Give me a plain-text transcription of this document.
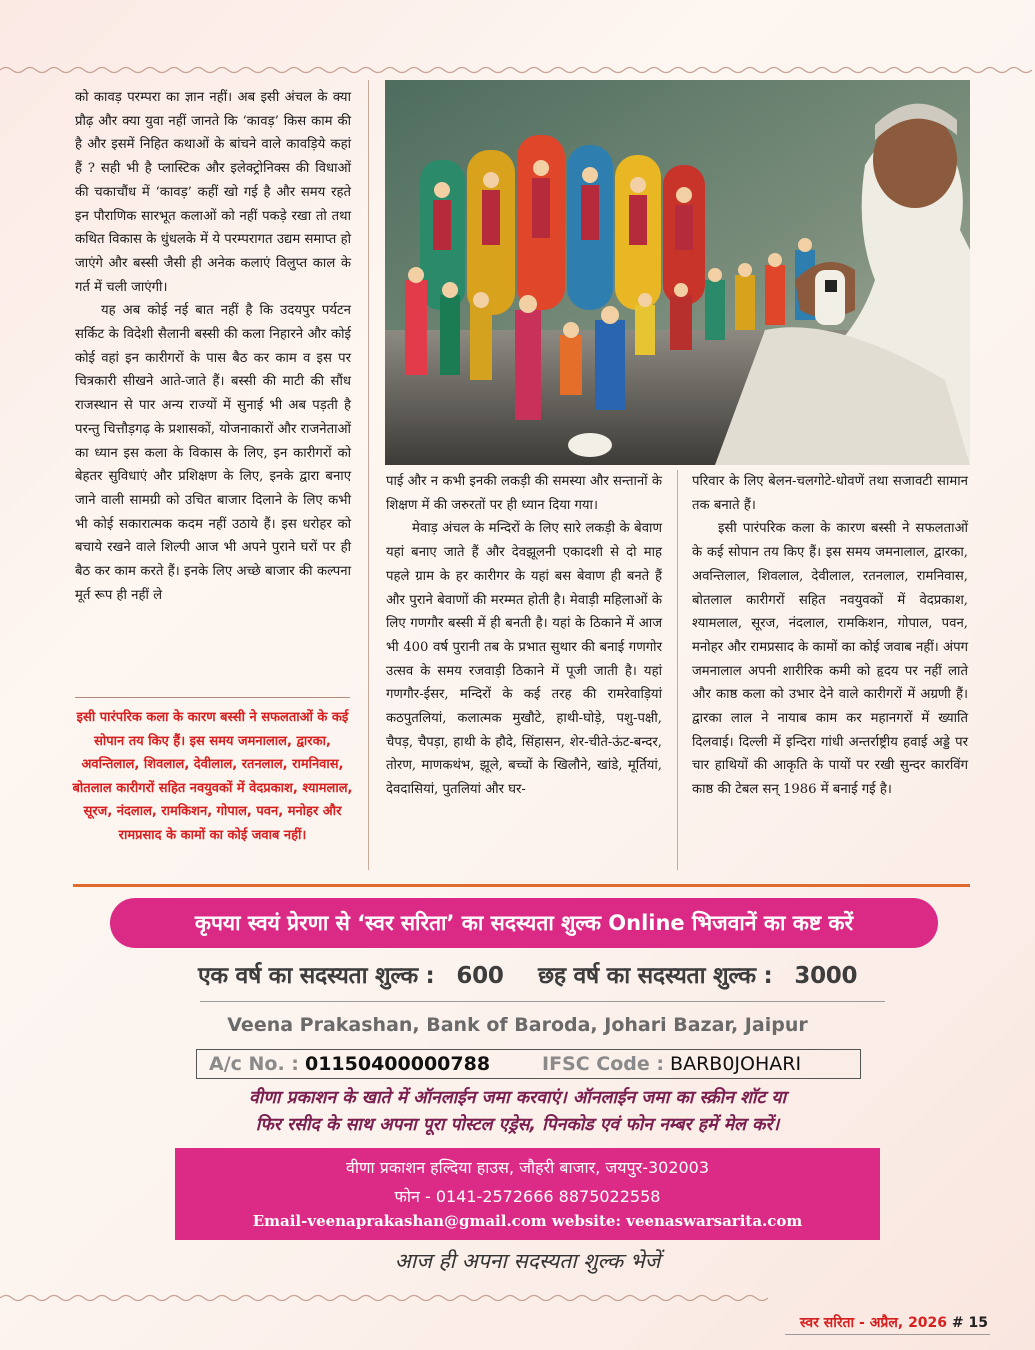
को कावड़ परम्परा का ज्ञान नहीं। अब इसी अंचल के क्या प्रौढ़ और क्या युवा नहीं जानते कि ‘कावड़’ किस काम की है और इसमें निहित कथाओं के बांचने वाले कावड़िये कहां हैं ? सही भी है प्लास्टिक और इलेक्ट्रोनिक्स की विधाओं की चकाचौंध में ‘कावड़’ कहीं खो गई है और समय रहते इन पौराणिक सारभूत कलाओं को नहीं पकड़े रखा तो तथा कथित विकास के धुंधलके में ये परम्परागत उद्यम समाप्त हो जाएंगे और बस्सी जैसी ही अनेक कलाएं विलुप्त काल के गर्त में चली जाएंगी।

यह अब कोई नई बात नहीं है कि उदयपुर पर्यटन सर्किट के विदेशी सैलानी बस्सी की कला निहारने और कोई कोई वहां इन कारीगरों के पास बैठ कर काम व इस पर चित्रकारी सीखने आते-जाते हैं। बस्सी की माटी की सौंध राजस्थान से पार अन्य राज्यों में सुनाई भी अब पड़ती है परन्तु चित्तौड़गढ़ के प्रशासकों, योजनाकारों और राजनेताओं का ध्यान इस कला के विकास के लिए, इन कारीगरों को बेहतर सुविधाएं और प्रशिक्षण के लिए, इनके द्वारा बनाए जाने वाली सामग्री को उचित बाजार दिलाने के लिए कभी भी कोई सकारात्मक कदम नहीं उठाये हैं। इस धरोहर को बचाये रखने वाले शिल्पी आज भी अपने पुराने घरों पर ही बैठ कर काम करते हैं। इनके लिए अच्छे बाजार की कल्पना मूर्त रूप ही नहीं ले

इसी पारंपरिक कला के कारण बस्सी ने सफलताओं के कई सोपान तय किए हैं। इस समय जमनालाल, द्वारका, अवन्तिलाल, शिवलाल, देवीलाल, रतनलाल, रामनिवास, बोतलाल कारीगरों सहित नवयुवकों में वेदप्रकाश, श्यामलाल, सूरज, नंदलाल, रामकिशन, गोपाल, पवन, मनोहर और रामप्रसाद के कामों का कोई जवाब नहीं।

पाई और न कभी इनकी लकड़ी की समस्या और सन्तानों के शिक्षण में की जरुरतों पर ही ध्यान दिया गया।

मेवाड़ अंचल के मन्दिरों के लिए सारे लकड़ी के बेवाण यहां बनाए जाते हैं और देवझूलनी एकादशी से दो माह पहले ग्राम के हर कारीगर के यहां बस बेवाण ही बनते हैं और पुराने बेवाणों की मरम्मत होती है। मेवाड़ी महिलाओं के लिए गणगौर बस्सी में ही बनती है। यहां के ठिकाने में आज भी 400 वर्ष पुरानी तब के प्रभात सुथार की बनाई गणगोर उत्सव के समय रजवाड़ी ठिकाने में पूजी जाती है। यहां गणगौर-ईसर, मन्दिरों के कई तरह की रामरेवाड़ियां कठपुतलियां, कलात्मक मुखौटे, हाथी-घोड़े, पशु-पक्षी, चैपड़, चैपड़ा, हाथी के हौदे, सिंहासन, शेर-चीते-ऊंट-बन्दर, तोरण, माणकथंभ, झूले, बच्चों के खिलौने, खांडे, मूर्तियां, देवदासियां, पुतलियां और घर-

परिवार के लिए बेलन-चलगोटे-धोवणें तथा सजावटी सामान तक बनाते हैं।

इसी पारंपरिक कला के कारण बस्सी ने सफलताओं के कई सोपान तय किए हैं। इस समय जमनालाल, द्वारका, अवन्तिलाल, शिवलाल, देवीलाल, रतनलाल, रामनिवास, बोतलाल कारीगरों सहित नवयुवकों में वेदप्रकाश, श्यामलाल, सूरज, नंदलाल, रामकिशन, गोपाल, पवन, मनोहर और रामप्रसाद के कामों का कोई जवाब नहीं। अंपग जमनालाल अपनी शारीरिक कमी को हृदय पर नहीं लाते और काष्ठ कला को उभार देने वाले कारीगरों में अग्रणी हैं। द्वारका लाल ने नायाब काम कर महानगरों में ख्याति दिलवाई। दिल्ली में इन्दिरा गांधी अन्तर्राष्ट्रीय हवाई अड्डे पर चार हाथियों की आकृति के पायों पर रखी सुन्दर कारविंग काष्ठ की टेबल सन् 1986 में बनाई गई है।

कृपया स्वयं प्रेरणा से ‘स्वर सरिता’ का सदस्यता शुल्क Online भिजवानें का कष्ट करें
एक वर्ष का सदस्यता शुल्क : 600 छह वर्ष का सदस्यता शुल्क : 3000
Veena Prakashan, Bank of Baroda, Johari Bazar, Jaipur
A/c No. : 01150400000788	IFSC Code : BARB0JOHARI
वीणा प्रकाशन के खाते में ऑनलाईन जमा करवाएं। ऑनलाईन जमा का स्क्रीन शॉट या
फिर रसीद के साथ अपना पूरा पोस्टल एड्रेस, पिनकोड एवं फोन नम्बर हमें मेल करें।
वीणा प्रकाशन हल्दिया हाउस, जौहरी बाजार, जयपुर-302003
फोन - 0141-2572666 8875022558
Email-veenaprakashan@gmail.com website: veenaswarsarita.com
आज ही अपना सदस्यता शुल्क भेजें
स्वर सरिता - अप्रैल, 2026 # 15
